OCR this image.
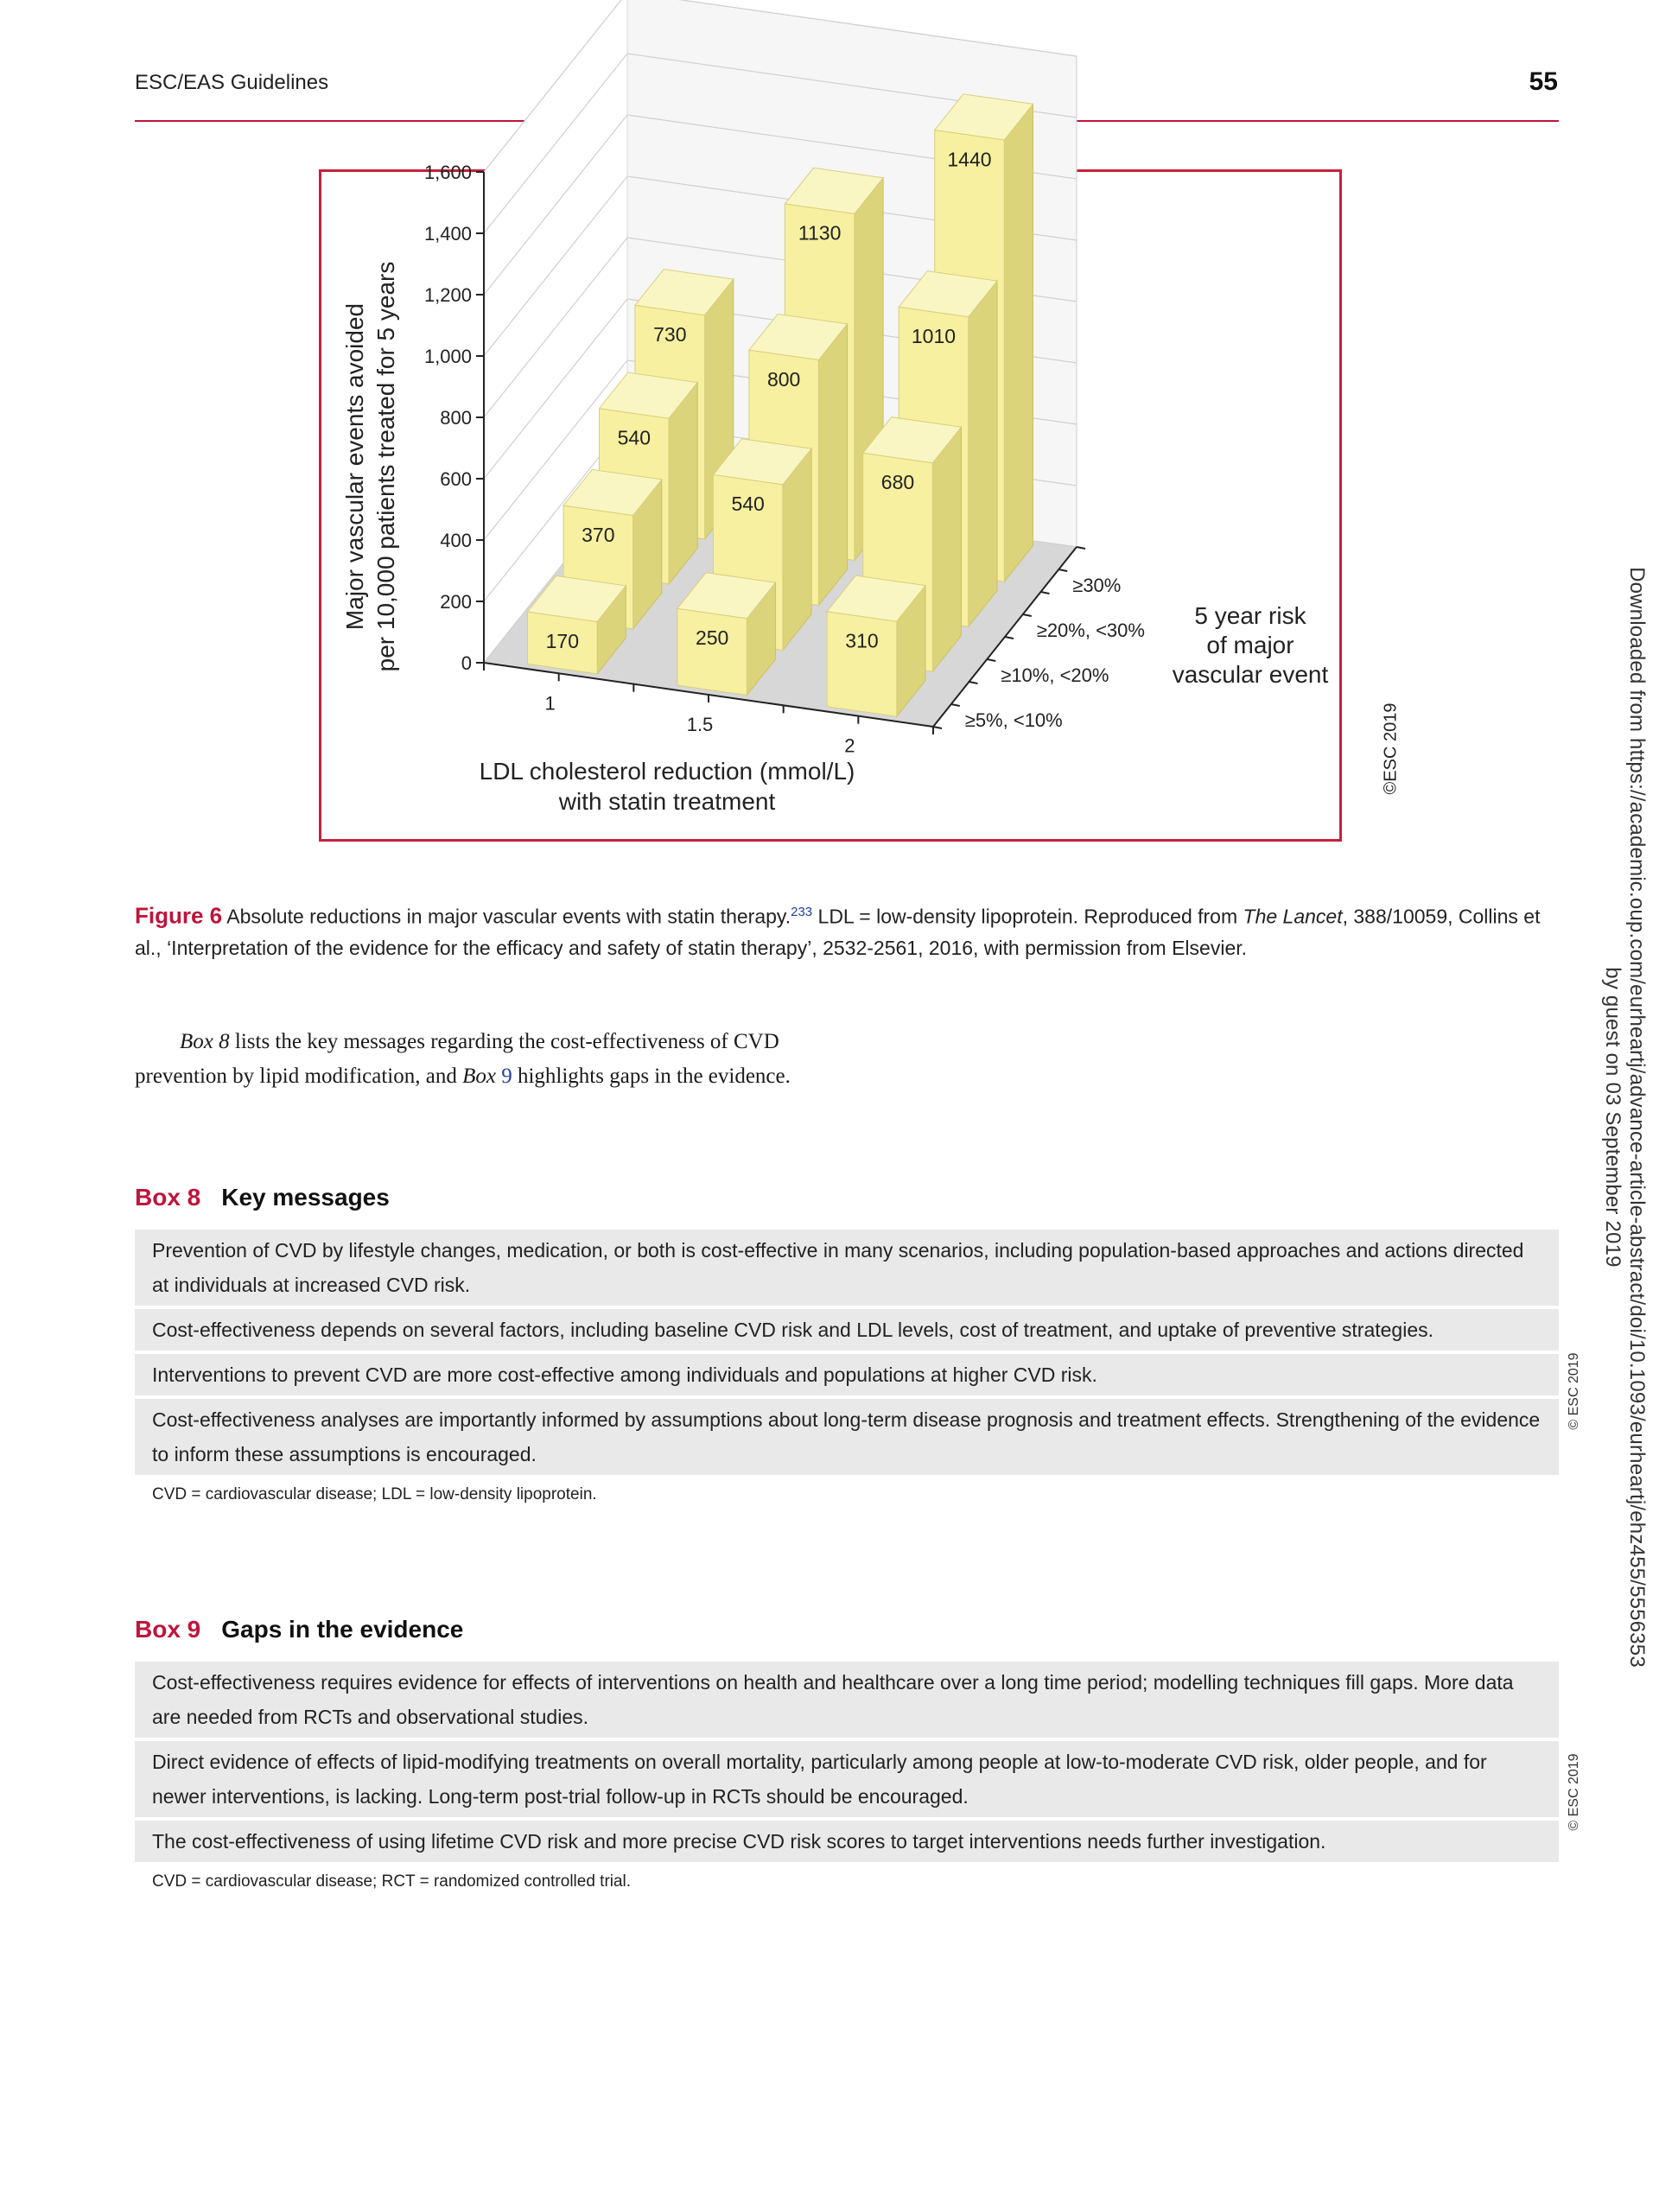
ESC/EAS Guidelines	55
0
200
400
600
800
1,000
1,200
1,400
1,600
1
1.5
2
≥5%, <10%
≥10%, <20%
≥20%, <30%
≥30%
730
1130
1440
540
800
1010
370
540
680
170	250	310
Major vascular events avoided per 10,000 patients treated for 5 years
LDL cholesterol reduction (mmol/L)
with statin treatment
5 year risk
of major
vascular event
©ESC 2019
Figure 6 Absolute reductions in major vascular events with statin therapy.$^{233}$ LDL = low-density lipoprotein. Reproduced from The Lancet, 388/10059, Collins et al., ‘Interpretation of the evidence for the efficacy and safety of statin therapy’, 2532-2561, 2016, with permission from Elsevier.
Box 8 lists the key messages regarding the cost-effectiveness of CVD prevention by lipid modification, and Box 9 highlights gaps in the evidence.
Box 8 Key messages
Prevention of CVD by lifestyle changes, medication, or both is cost-effective in many scenarios, including population-based approaches and actions directed at individuals at increased CVD risk.
Cost-effectiveness depends on several factors, including baseline CVD risk and LDL levels, cost of treatment, and uptake of preventive strategies.
Interventions to prevent CVD are more cost-effective among individuals and populations at higher CVD risk.
Cost-effectiveness analyses are importantly informed by assumptions about long-term disease prognosis and treatment effects. Strengthening of the evidence to inform these assumptions is encouraged.
CVD = cardiovascular disease; LDL = low-density lipoprotein.
© ESC 2019
Box 9 Gaps in the evidence
Cost-effectiveness requires evidence for effects of interventions on health and healthcare over a long time period; modelling techniques fill gaps. More data are needed from RCTs and observational studies.
Direct evidence of effects of lipid-modifying treatments on overall mortality, particularly among people at low-to-moderate CVD risk, older people, and for newer interventions, is lacking. Long-term post-trial follow-up in RCTs should be encouraged.
The cost-effectiveness of using lifetime CVD risk and more precise CVD risk scores to target interventions needs further investigation.
CVD = cardiovascular disease; RCT = randomized controlled trial.
© ESC 2019
Downloaded from https://academic.oup.com/eurheartj/advance-article-abstract/doi/10.1093/eurheartj/ehz455/5556353 by guest on 03 September 2019
